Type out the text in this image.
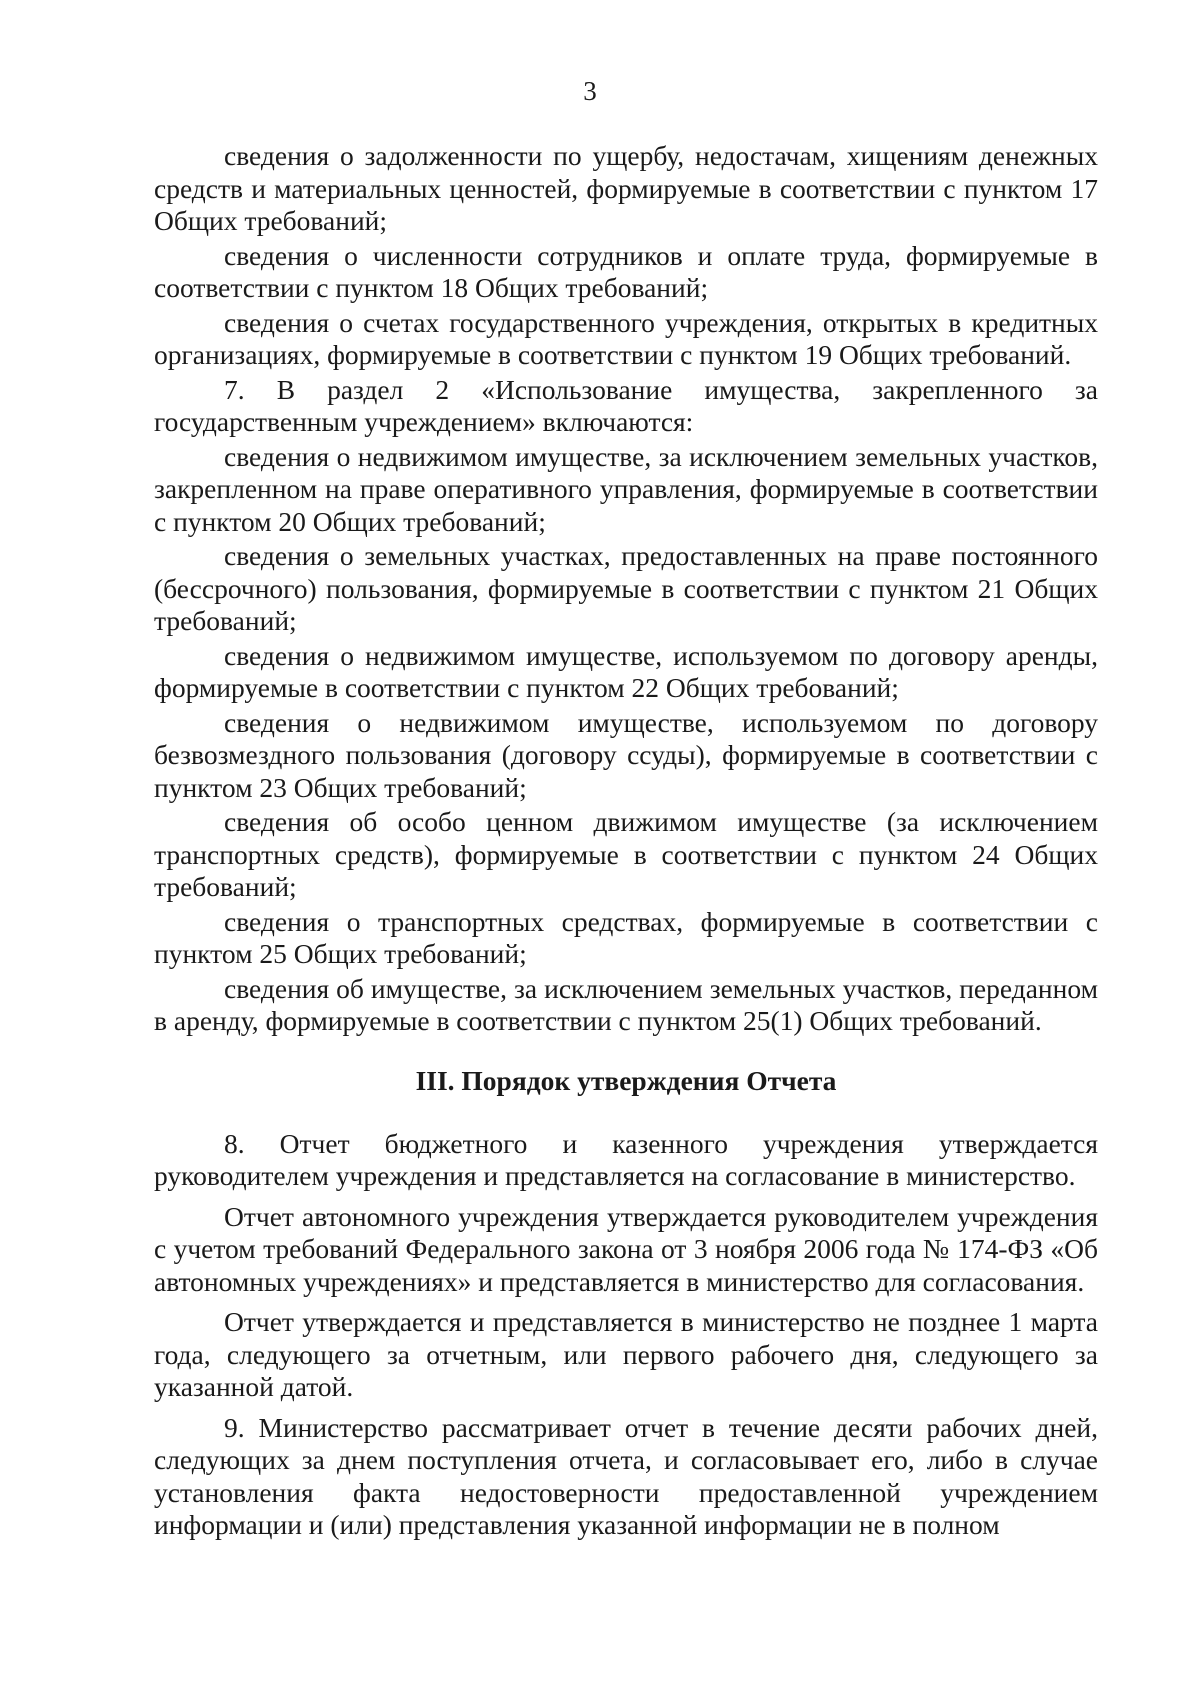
3

сведения о задолженности по ущербу, недостачам, хищениям денежных средств и материальных ценностей, формируемые в соответствии с пунктом 17 Общих требований;

сведения о численности сотрудников и оплате труда, формируемые в соответствии с пунктом 18 Общих требований;

сведения о счетах государственного учреждения, открытых в кредитных организациях, формируемые в соответствии с пунктом 19 Общих требований.

7. В раздел 2 «Использование имущества, закрепленного за государственным учреждением» включаются:

сведения о недвижимом имуществе, за исключением земельных участков, закрепленном на праве оперативного управления, формируемые в соответствии с пунктом 20 Общих требований;

сведения о земельных участках, предоставленных на праве постоянного (бессрочного) пользования, формируемые в соответствии с пунктом 21 Общих требований;

сведения о недвижимом имуществе, используемом по договору аренды, формируемые в соответствии с пунктом 22 Общих требований;

сведения о недвижимом имуществе, используемом по договору безвозмездного пользования (договору ссуды), формируемые в соответствии с пунктом 23 Общих требований;

сведения об особо ценном движимом имуществе (за исключением транспортных средств), формируемые в соответствии с пунктом 24 Общих требований;

сведения о транспортных средствах, формируемые в соответствии с пунктом 25 Общих требований;

сведения об имуществе, за исключением земельных участков, переданном в аренду, формируемые в соответствии с пунктом 25(1) Общих требований.

III. Порядок утверждения Отчета

8. Отчет бюджетного и казенного учреждения утверждается руководителем учреждения и представляется на согласование в министерство.

Отчет автономного учреждения утверждается руководителем учреждения с учетом требований Федерального закона от 3 ноября 2006 года № 174-ФЗ «Об автономных учреждениях» и представляется в министерство для согласования.

Отчет утверждается и представляется в министерство не позднее 1 марта года, следующего за отчетным, или первого рабочего дня, следующего за указанной датой.

9. Министерство рассматривает отчет в течение десяти рабочих дней, следующих за днем поступления отчета, и согласовывает его, либо в случае установления факта недостоверности предоставленной учреждением информации и (или) представления указанной информации не в полном
